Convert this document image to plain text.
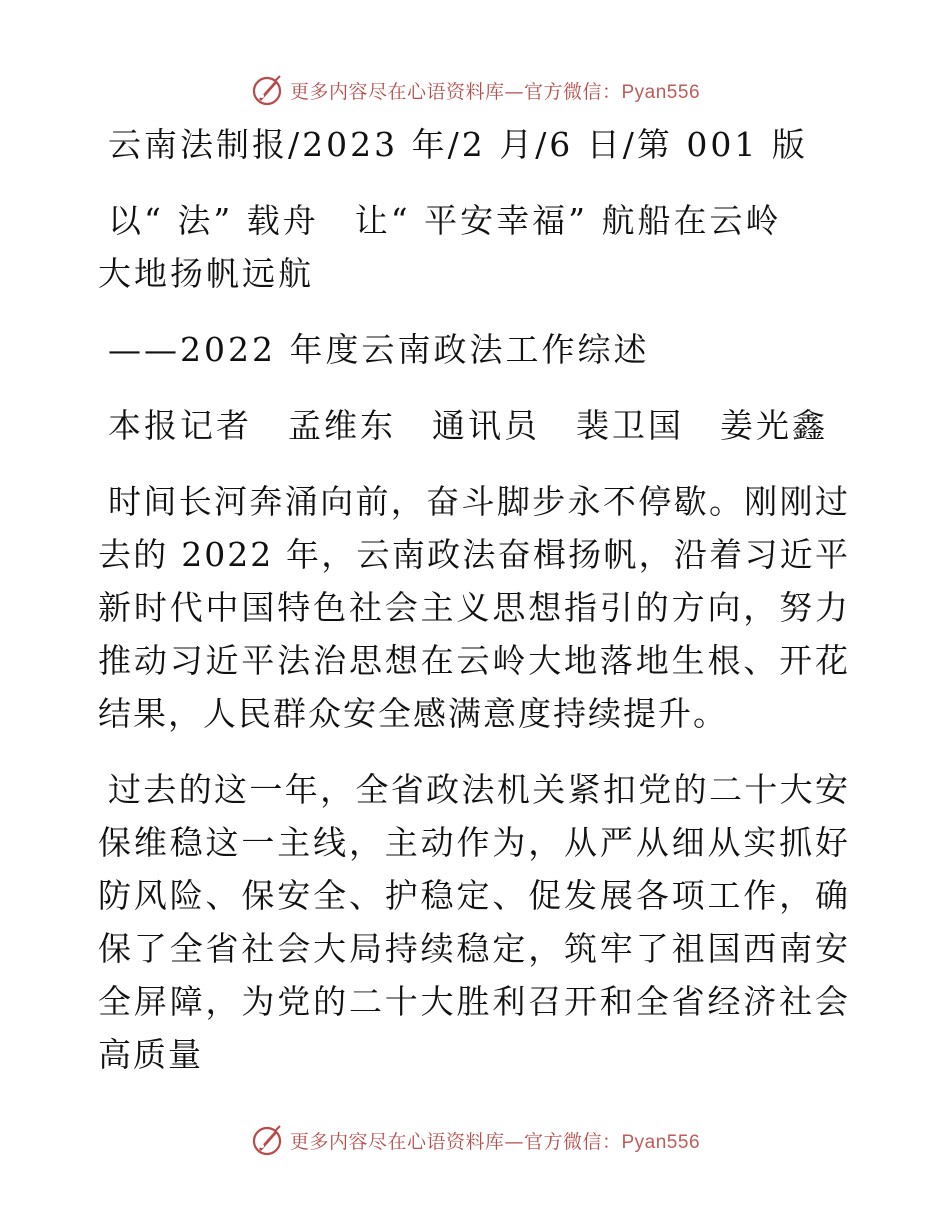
更多内容尽在心语资料库—官方微信：Pyan556

云南法制报/2023 年/2 月/6 日/第 001 版

以“ 法” 载舟　让“ 平安幸福” 航船在云岭
大地扬帆远航

——2022 年度云南政法工作综述

本报记者　孟维东　通讯员　裴卫国　姜光鑫

时间长河奔涌向前，奋斗脚步永不停歇。刚刚过去的 2022 年，云南政法奋楫扬帆，沿着习近平新时代中国特色社会主义思想指引的方向，努力推动习近平法治思想在云岭大地落地生根、开花结果，人民群众安全感满意度持续提升。

过去的这一年，全省政法机关紧扣党的二十大安保维稳这一主线，主动作为，从严从细从实抓好防风险、保安全、护稳定、促发展各项工作，确保了全省社会大局持续稳定，筑牢了祖国西南安全屏障，为党的二十大胜利召开和全省经济社会高质量

更多内容尽在心语资料库—官方微信：Pyan556
